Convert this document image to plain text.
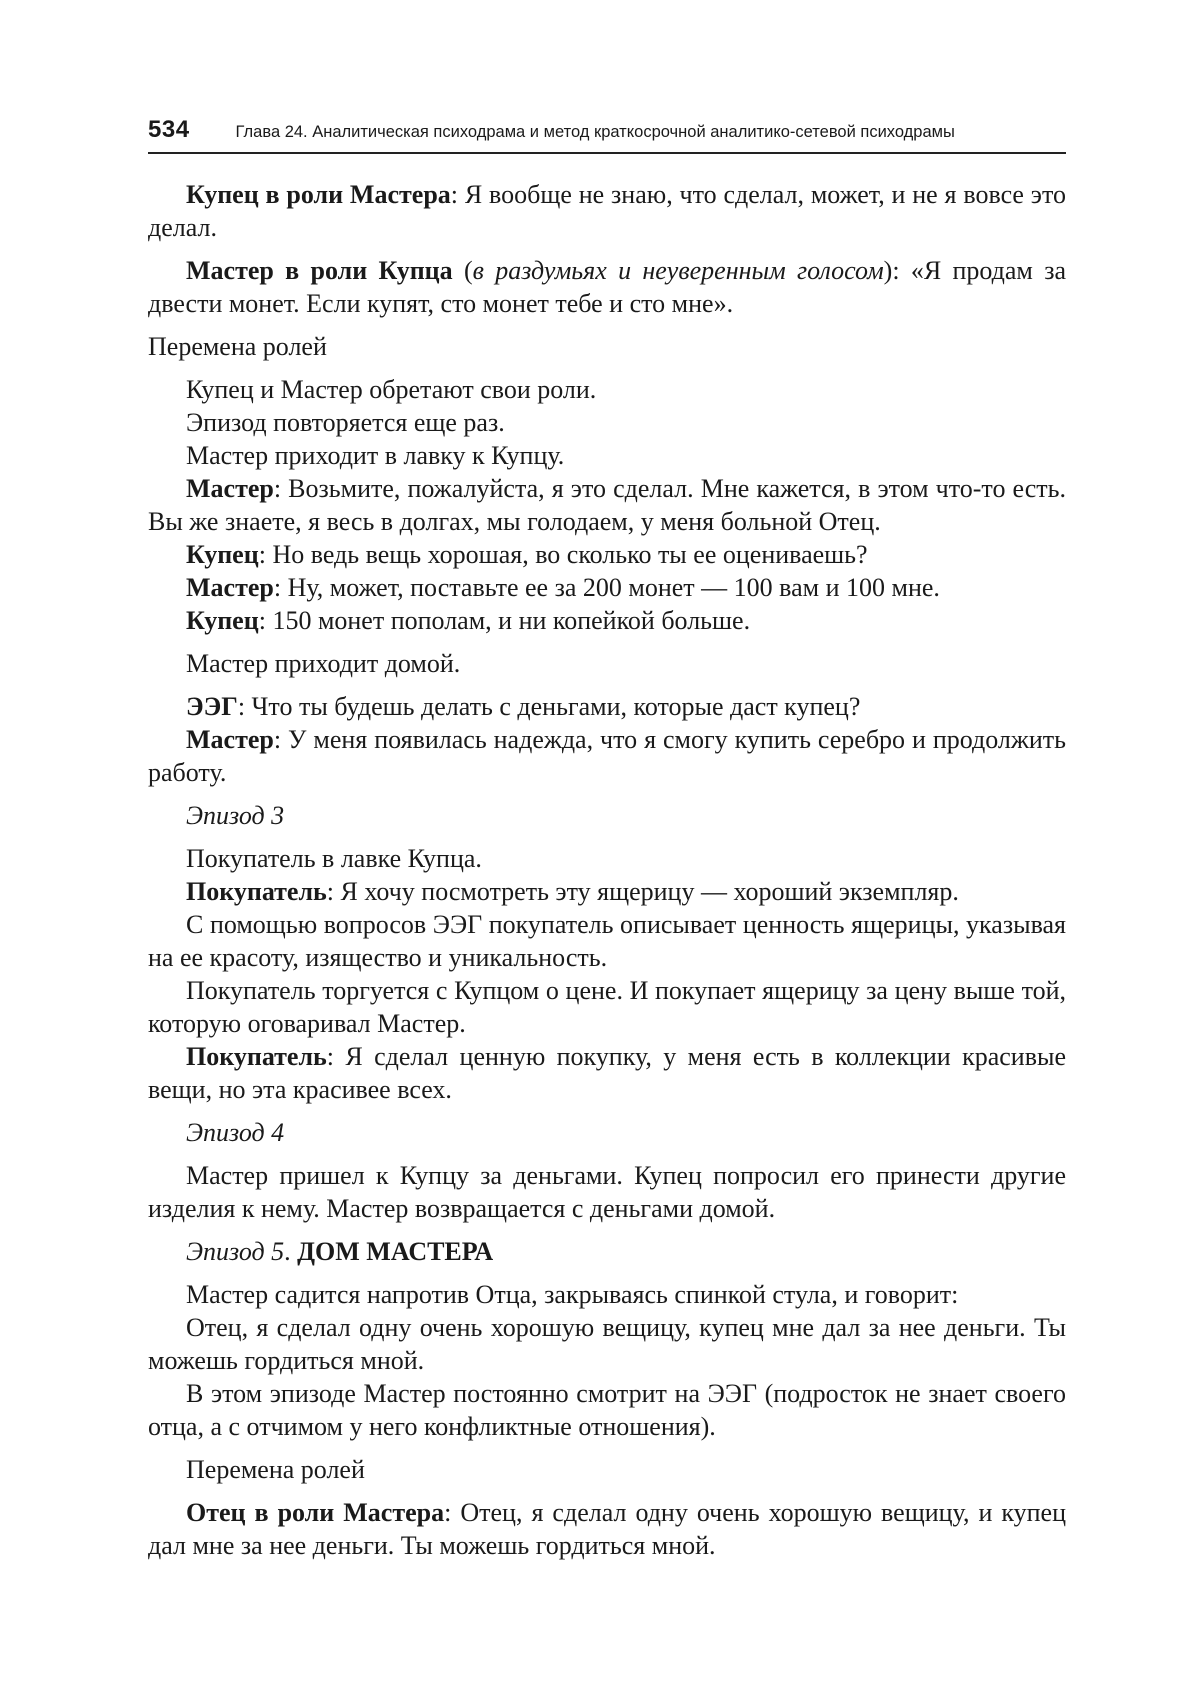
534	Глава 24. Аналитическая психодрама и метод краткосрочной аналитико-сетевой психодрамы

Купец в роли Мастера: Я вообще не знаю, что сделал, может, и не я вовсе это делал.

Мастер в роли Купца (в раздумьях и неуверенным голосом): «Я продам за двести монет. Если купят, сто монет тебе и сто мне».

Перемена ролей

Купец и Мастер обретают свои роли.

Эпизод повторяется еще раз.

Мастер приходит в лавку к Купцу.

Мастер: Возьмите, пожалуйста, я это сделал. Мне кажется, в этом что-то есть. Вы же знаете, я весь в долгах, мы голодаем, у меня больной Отец.

Купец: Но ведь вещь хорошая, во сколько ты ее оцениваешь?

Мастер: Ну, может, поставьте ее за 200 монет — 100 вам и 100 мне.

Купец: 150 монет пополам, и ни копейкой больше.

Мастер приходит домой.

ЭЭГ: Что ты будешь делать с деньгами, которые даст купец?

Мастер: У меня появилась надежда, что я смогу купить серебро и продолжить работу.

Эпизод 3

Покупатель в лавке Купца.

Покупатель: Я хочу посмотреть эту ящерицу — хороший экземпляр.

С помощью вопросов ЭЭГ покупатель описывает ценность ящерицы, указывая на ее красоту, изящество и уникальность.

Покупатель торгуется с Купцом о цене. И покупает ящерицу за цену выше той, которую оговаривал Мастер.

Покупатель: Я сделал ценную покупку, у меня есть в коллекции красивые вещи, но эта красивее всех.

Эпизод 4

Мастер пришел к Купцу за деньгами. Купец попросил его принести другие изделия к нему. Мастер возвращается с деньгами домой.

Эпизод 5. ДОМ МАСТЕРА

Мастер садится напротив Отца, закрываясь спинкой стула, и говорит:

Отец, я сделал одну очень хорошую вещицу, купец мне дал за нее деньги. Ты можешь гордиться мной.

В этом эпизоде Мастер постоянно смотрит на ЭЭГ (подросток не знает своего отца, а с отчимом у него конфликтные отношения).

Перемена ролей

Отец в роли Мастера: Отец, я сделал одну очень хорошую вещицу, и купец дал мне за нее деньги. Ты можешь гордиться мной.
